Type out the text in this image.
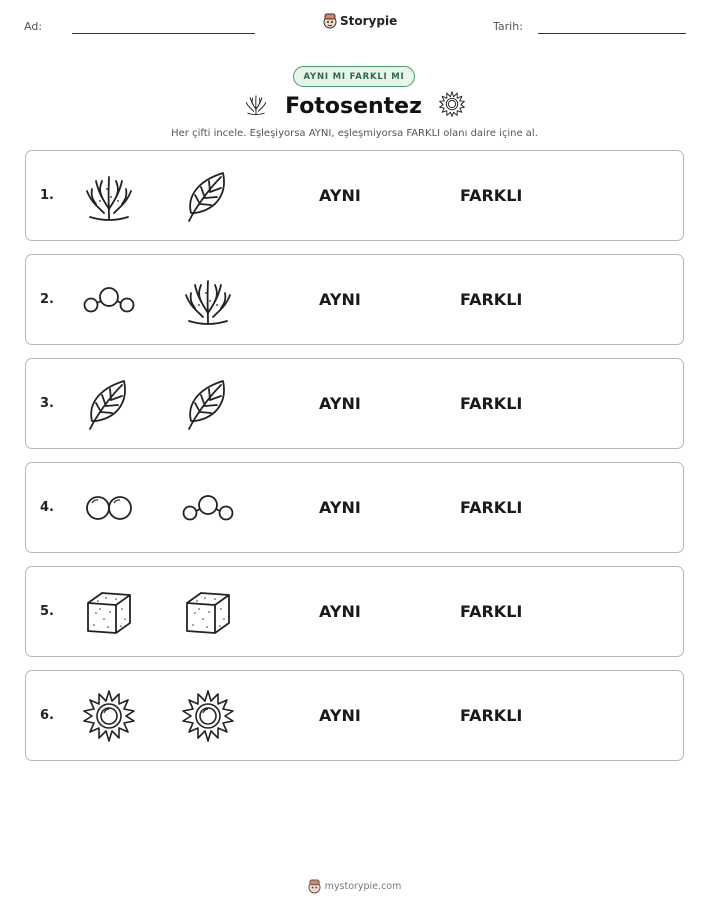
Ad:	Storypie	Tarih:
AYNI MI FARKLI MI
Fotosentez
Her çifti incele. Eşleşiyorsa AYNI, eşleşmiyorsa FARKLI olanı daire içine al.
1.	AYNI	FARKLI
2.	AYNI	FARKLI
3.	AYNI	FARKLI
4.	AYNI	FARKLI
5.	AYNI	FARKLI
6.	AYNI	FARKLI
mystorypie.com
